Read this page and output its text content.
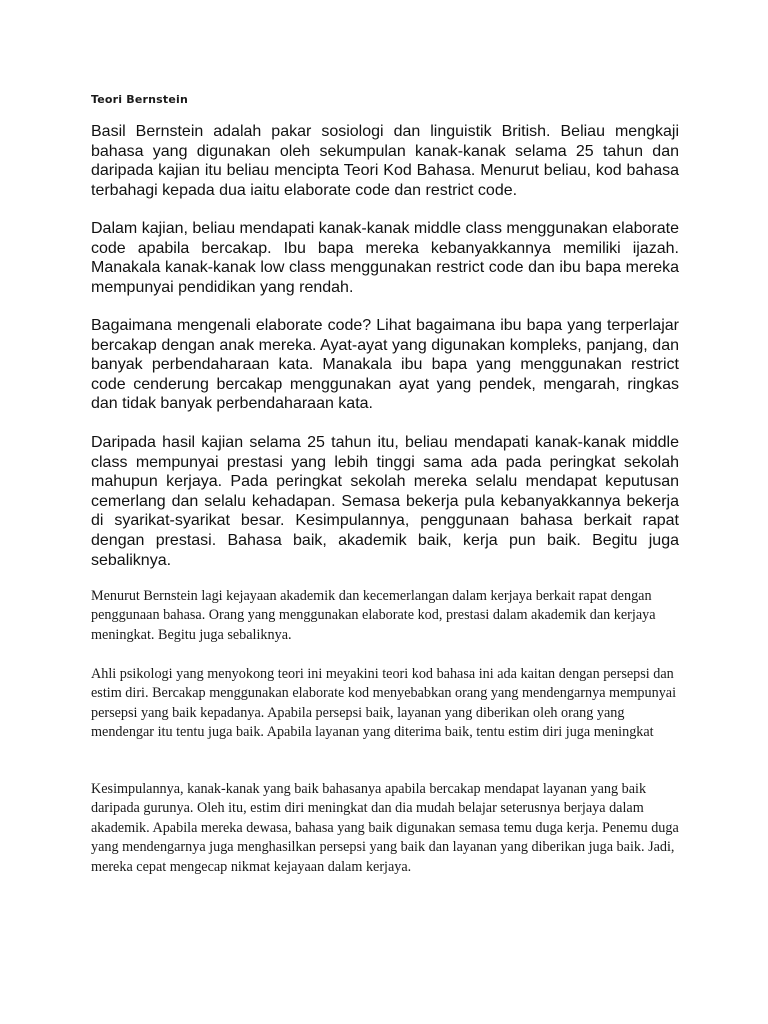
Teori Bernstein

Basil Bernstein adalah pakar sosiologi dan linguistik British. Beliau mengkaji bahasa yang digunakan oleh sekumpulan kanak-kanak selama 25 tahun dan daripada kajian itu beliau mencipta Teori Kod Bahasa. Menurut beliau, kod bahasa terbahagi kepada dua iaitu elaborate code dan restrict code.

Dalam kajian, beliau mendapati kanak-kanak middle class menggunakan elaborate code apabila bercakap. Ibu bapa mereka kebanyakkannya memiliki ijazah. Manakala kanak-kanak low class menggunakan restrict code dan ibu bapa mereka mempunyai pendidikan yang rendah.

Bagaimana mengenali elaborate code? Lihat bagaimana ibu bapa yang terperlajar bercakap dengan anak mereka. Ayat-ayat yang digunakan kompleks, panjang, dan banyak perbendaharaan kata. Manakala ibu bapa yang menggunakan restrict code cenderung bercakap menggunakan ayat yang pendek, mengarah, ringkas dan tidak banyak perbendaharaan kata.

Daripada hasil kajian selama 25 tahun itu, beliau mendapati kanak-kanak middle class mempunyai prestasi yang lebih tinggi sama ada pada peringkat sekolah mahupun kerjaya. Pada peringkat sekolah mereka selalu mendapat keputusan cemerlang dan selalu kehadapan. Semasa bekerja pula kebanyakkannya bekerja di syarikat-syarikat besar. Kesimpulannya, penggunaan bahasa berkait rapat dengan prestasi. Bahasa baik, akademik baik, kerja pun baik. Begitu juga sebaliknya.

Menurut Bernstein lagi kejayaan akademik dan kecemerlangan dalam kerjaya berkait rapat dengan penggunaan bahasa. Orang yang menggunakan elaborate kod, prestasi dalam akademik dan kerjaya meningkat. Begitu juga sebaliknya.

Ahli psikologi yang menyokong teori ini meyakini teori kod bahasa ini ada kaitan dengan persepsi dan estim diri. Bercakap menggunakan elaborate kod menyebabkan orang yang mendengarnya mempunyai persepsi yang baik kepadanya. Apabila persepsi baik, layanan yang diberikan oleh orang yang mendengar itu tentu juga baik. Apabila layanan yang diterima baik, tentu estim diri juga meningkat

Kesimpulannya, kanak-kanak yang baik bahasanya apabila bercakap mendapat layanan yang baik daripada gurunya. Oleh itu, estim diri meningkat dan dia mudah belajar seterusnya berjaya dalam akademik. Apabila mereka dewasa, bahasa yang baik digunakan semasa temu duga kerja. Penemu duga yang mendengarnya juga menghasilkan persepsi yang baik dan layanan yang diberikan juga baik. Jadi, mereka cepat mengecap nikmat kejayaan dalam kerjaya.
